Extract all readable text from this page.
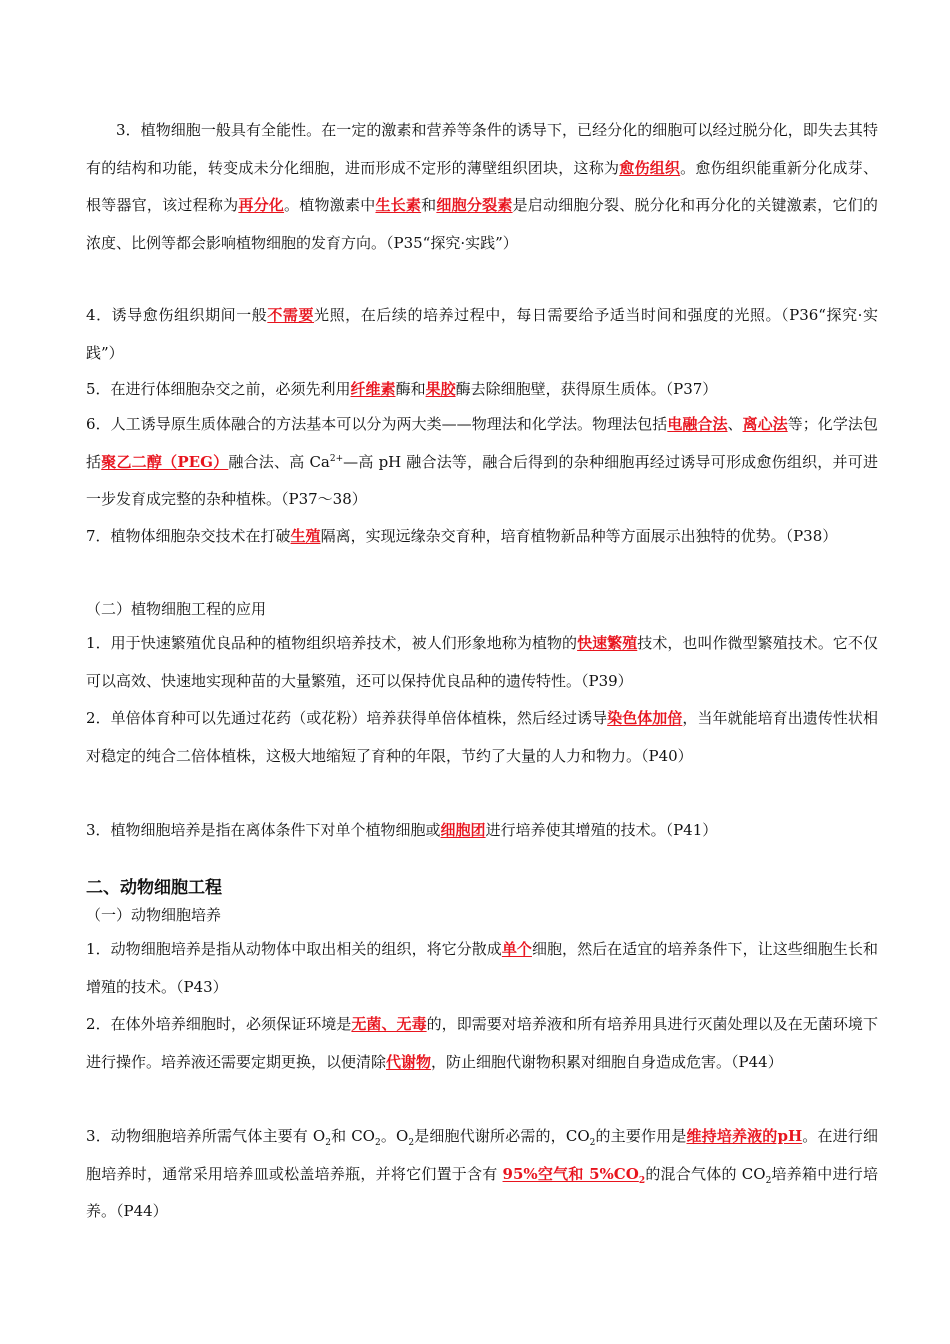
3．植物细胞一般具有全能性。在一定的激素和营养等条件的诱导下，已经分化的细胞可以经过脱分化，即失去其特有的结构和功能，转变成未分化细胞，进而形成不定形的薄壁组织团块，这称为愈伤组织。愈伤组织能重新分化成芽、根等器官，该过程称为再分化。植物激素中生长素和细胞分裂素是启动细胞分裂、脱分化和再分化的关键激素，它们的浓度、比例等都会影响植物细胞的发育方向。（P35“探究·实践”）
4．诱导愈伤组织期间一般不需要光照，在后续的培养过程中，每日需要给予适当时间和强度的光照。（P36“探究·实践”）
5．在进行体细胞杂交之前，必须先利用纤维素酶和果胶酶去除细胞壁，获得原生质体。（P37）
6．人工诱导原生质体融合的方法基本可以分为两大类——物理法和化学法。物理法包括电融合法、离心法等；化学法包括聚乙二醇（PEG）融合法、高 $Ca^{2+}—$高 pH 融合法等，融合后得到的杂种细胞再经过诱导可形成愈伤组织，并可进一步发育成完整的杂种植株。（P37～38）
7．植物体细胞杂交技术在打破生殖隔离，实现远缘杂交育种，培育植物新品种等方面展示出独特的优势。（P38）
（二）植物细胞工程的应用
1．用于快速繁殖优良品种的植物组织培养技术，被人们形象地称为植物的快速繁殖技术，也叫作微型繁殖技术。它不仅可以高效、快速地实现种苗的大量繁殖，还可以保持优良品种的遗传特性。（P39）
2．单倍体育种可以先通过花药（或花粉）培养获得单倍体植株，然后经过诱导染色体加倍，当年就能培育出遗传性状相对稳定的纯合二倍体植株，这极大地缩短了育种的年限，节约了大量的人力和物力。（P40）
3．植物细胞培养是指在离体条件下对单个植物细胞或细胞团进行培养使其增殖的技术。（P41）
二、动物细胞工程
（一）动物细胞培养
1．动物细胞培养是指从动物体中取出相关的组织，将它分散成单个细胞，然后在适宜的培养条件下，让这些细胞生长和增殖的技术。（P43）
2．在体外培养细胞时，必须保证环境是无菌、无毒的，即需要对培养液和所有培养用具进行灭菌处理以及在无菌环境下进行操作。培养液还需要定期更换，以便清除代谢物，防止细胞代谢物积累对细胞自身造成危害。（P44）
3．动物细胞培养所需气体主要有 $O_2$和 $CO_2$。$O_2$是细胞代谢所必需的，$CO_2$的主要作用是维持培养液的pH。在进行细胞培养时，通常采用培养皿或松盖培养瓶，并将它们置于含有 95%空气和 $5\%CO_2$的混合气体的 $CO_2$培养箱中进行培养。（P44）
